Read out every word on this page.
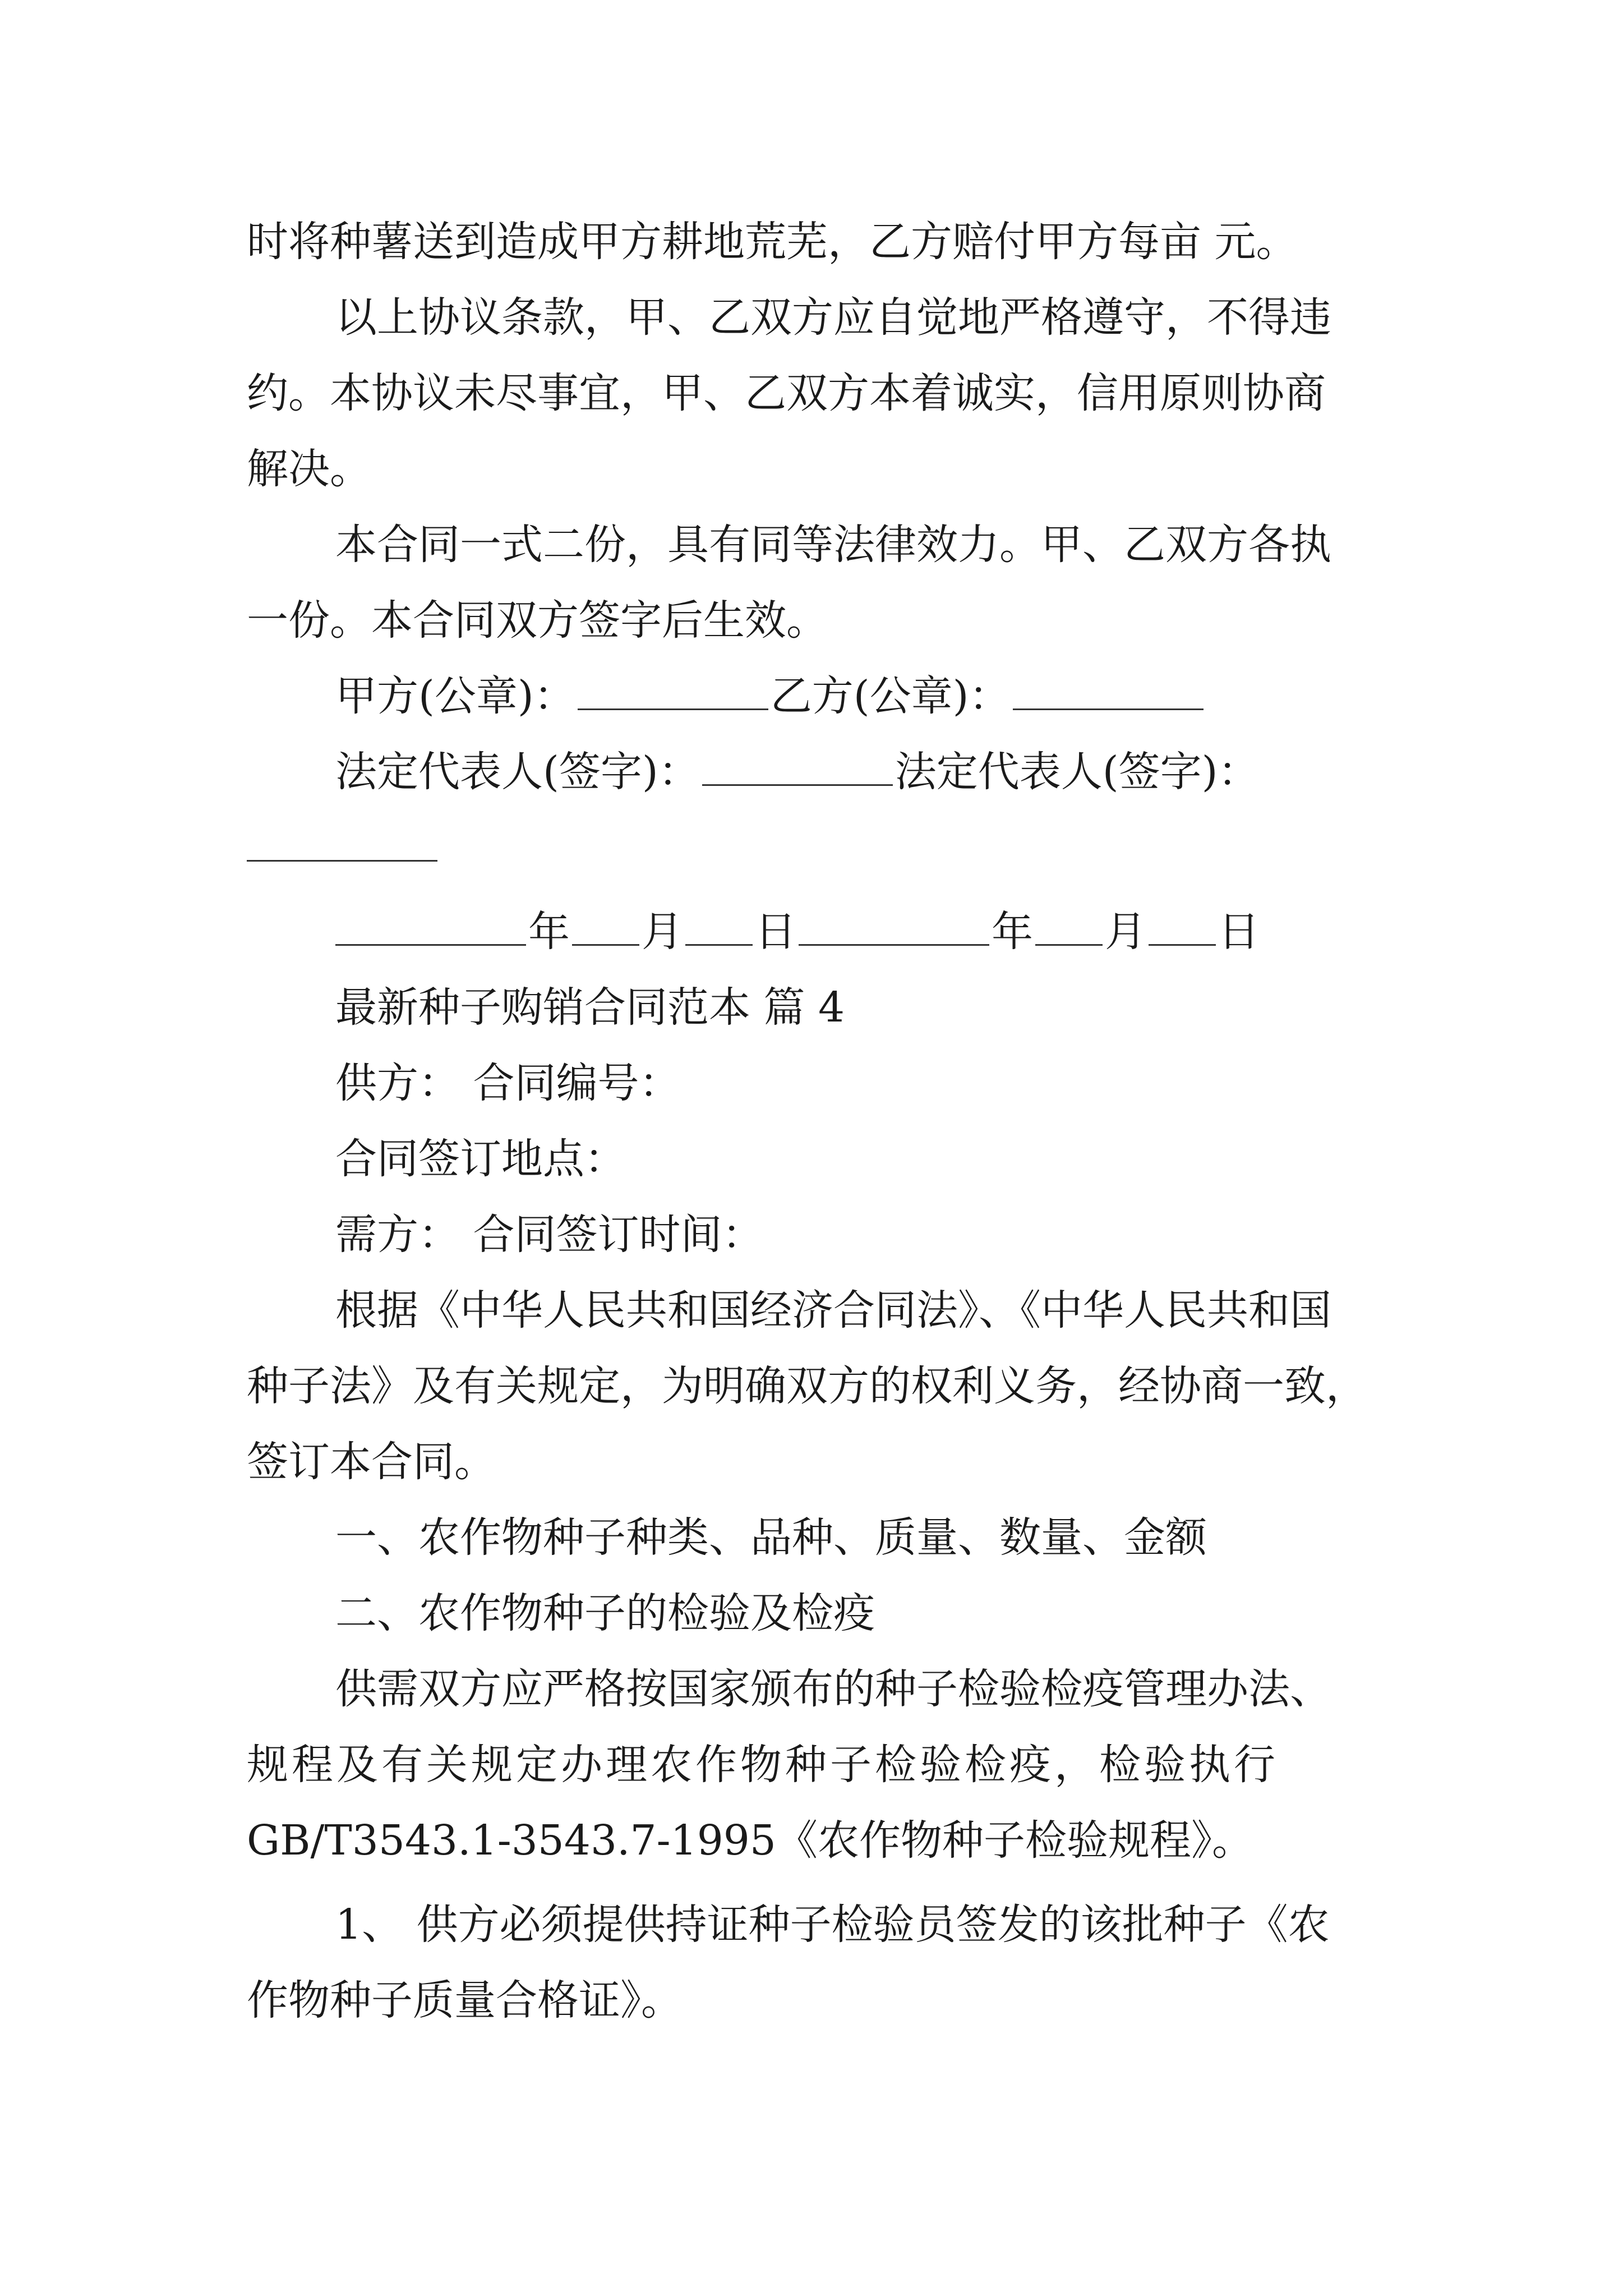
时将种薯送到造成甲方耕地荒芜，乙方赔付甲方每亩 元。
以上协议条款，甲、乙双方应自觉地严格遵守，不得违
约。本协议未尽事宜，甲、乙双方本着诚实，信用原则协商
解决。
本合同一式二份，具有同等法律效力。甲、乙双方各执
一份。本合同双方签字后生效。
甲方(公章)：	乙方(公章)：
法定代表人(签字)：	法定代表人(签字)：
年 月 日	年 月 日
最新种子购销合同范本 篇 4
供方： 合同编号：
合同签订地点：
需方： 合同签订时间：
根据《中华人民共和国经济合同法》、《中华人民共和国
种子法》及有关规定，为明确双方的权利义务，经协商一致，
签订本合同。
一、农作物种子种类、品种、质量、数量、金额
二、农作物种子的检验及检疫
供需双方应严格按国家颁布的种子检验检疫管理办法、
规程及有关规定办理农作物种子检验检疫，检验执行
GB/T3543.1-3543.7-1995《农作物种子检验规程》。
1、 供方必须提供持证种子检验员签发的该批种子《农
作物种子质量合格证》。
